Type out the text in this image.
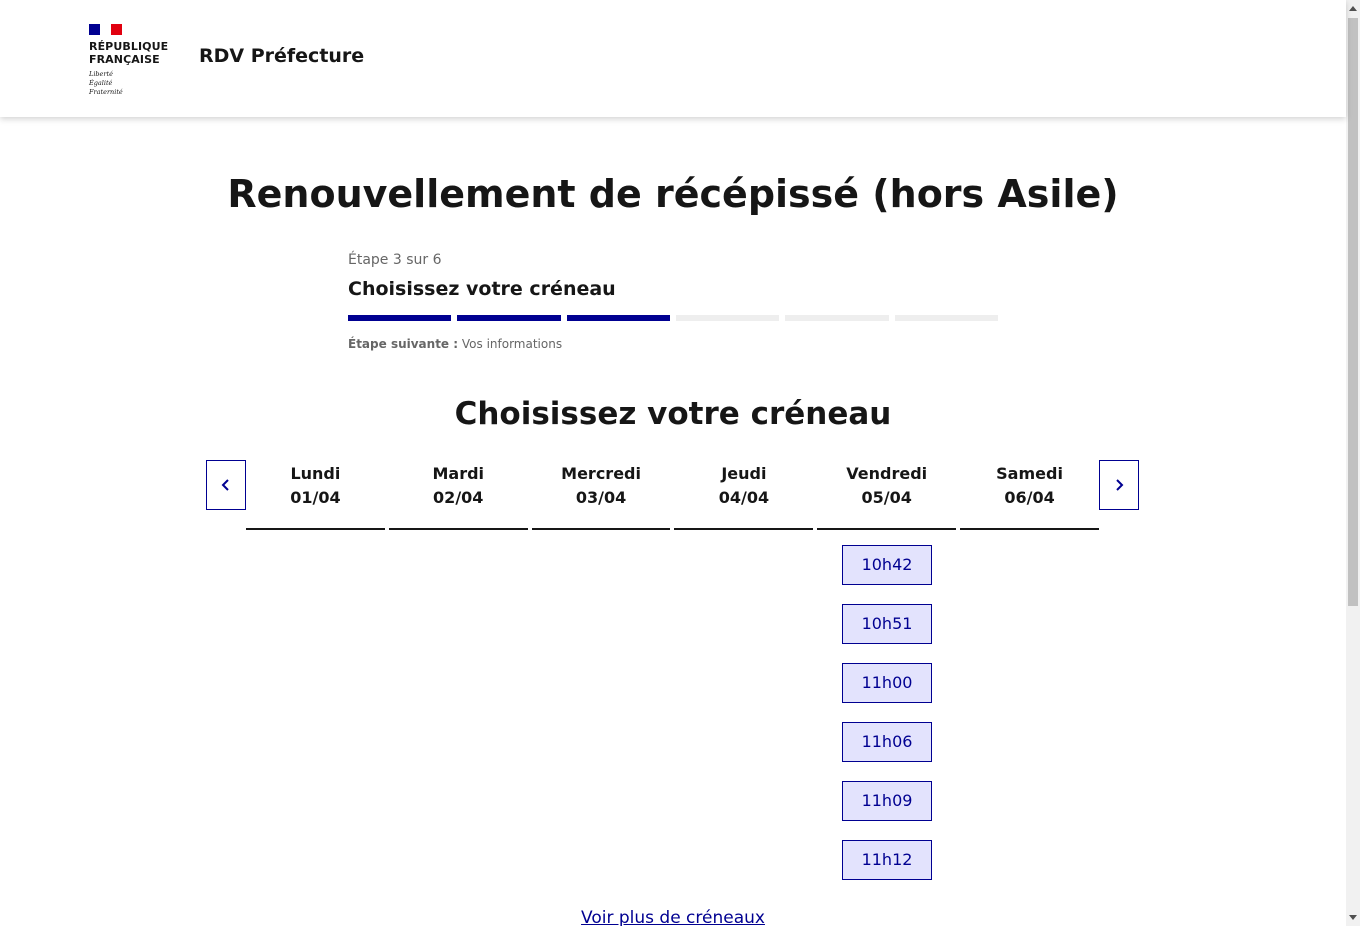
RÉPUBLIQUE
FRANÇAISE
Liberté
Égalité
Fraternité
RDV Préfecture
Renouvellement de récépissé (hors Asile)
Étape 3 sur 6
Choisissez votre créneau
Étape suivante : Vos informations
Choisissez votre créneau
Lundi
01/04
Mardi
02/04
Mercredi
03/04
Jeudi
04/04
Vendredi
05/04
Samedi
06/04
10h42
10h51
11h00
11h06
11h09
11h12
Voir plus de créneaux
